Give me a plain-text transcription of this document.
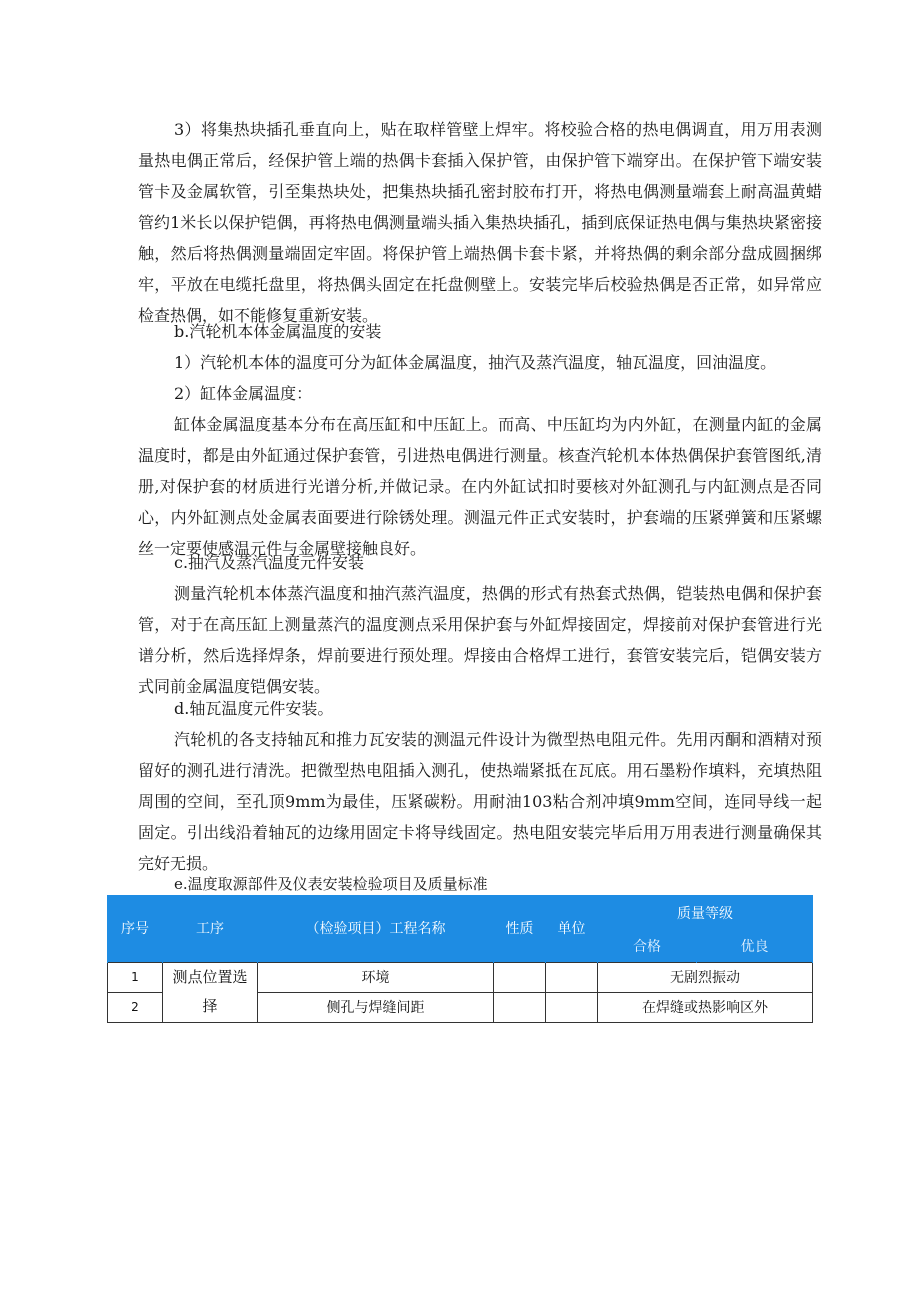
3）将集热块插孔垂直向上，贴在取样管壁上焊牢。将校验合格的热电偶调直，用万用表测量热电偶正常后，经保护管上端的热偶卡套插入保护管，由保护管下端穿出。在保护管下端安装管卡及金属软管，引至集热块处，把集热块插孔密封胶布打开，将热电偶测量端套上耐高温黄蜡管约1米长以保护铠偶，再将热电偶测量端头插入集热块插孔，插到底保证热电偶与集热块紧密接触，然后将热偶测量端固定牢固。将保护管上端热偶卡套卡紧，并将热偶的剩余部分盘成圆捆绑牢，平放在电缆托盘里，将热偶头固定在托盘侧壁上。安装完毕后校验热偶是否正常，如异常应检查热偶，如不能修复重新安装。

b.汽轮机本体金属温度的安装

1）汽轮机本体的温度可分为缸体金属温度，抽汽及蒸汽温度，轴瓦温度，回油温度。

2）缸体金属温度：

缸体金属温度基本分布在高压缸和中压缸上。而高、中压缸均为内外缸，在测量内缸的金属温度时，都是由外缸通过保护套管，引进热电偶进行测量。核查汽轮机本体热偶保护套管图纸,清册,对保护套的材质进行光谱分析,并做记录。在内外缸试扣时要核对外缸测孔与内缸测点是否同心，内外缸测点处金属表面要进行除锈处理。测温元件正式安装时，护套端的压紧弹簧和压紧螺丝一定要使感温元件与金属壁接触良好。

c.抽汽及蒸汽温度元件安装

测量汽轮机本体蒸汽温度和抽汽蒸汽温度，热偶的形式有热套式热偶，铠装热电偶和保护套管，对于在高压缸上测量蒸汽的温度测点采用保护套与外缸焊接固定，焊接前对保护套管进行光谱分析，然后选择焊条，焊前要进行预处理。焊接由合格焊工进行，套管安装完后，铠偶安装方式同前金属温度铠偶安装。

d.轴瓦温度元件安装。

汽轮机的各支持轴瓦和推力瓦安装的测温元件设计为微型热电阻元件。先用丙酮和酒精对预留好的测孔进行清洗。把微型热电阻插入测孔，使热端紧抵在瓦底。用石墨粉作填料，充填热阻周围的空间，至孔顶9mm为最佳，压紧碳粉。用耐油103粘合剂冲填9mm空间，连同导线一起固定。引出线沿着轴瓦的边缘用固定卡将导线固定。热电阻安装完毕后用万用表进行测量确保其完好无损。

e.温度取源部件及仪表安装检验项目及质量标准
序号	工序	（检验项目）工程名称	性质	单位	质量等级	
					合格	优良
1	测点位置选择	环境			无剧烈振动	
2		侧孔与焊缝间距			在焊缝或热影响区外	
